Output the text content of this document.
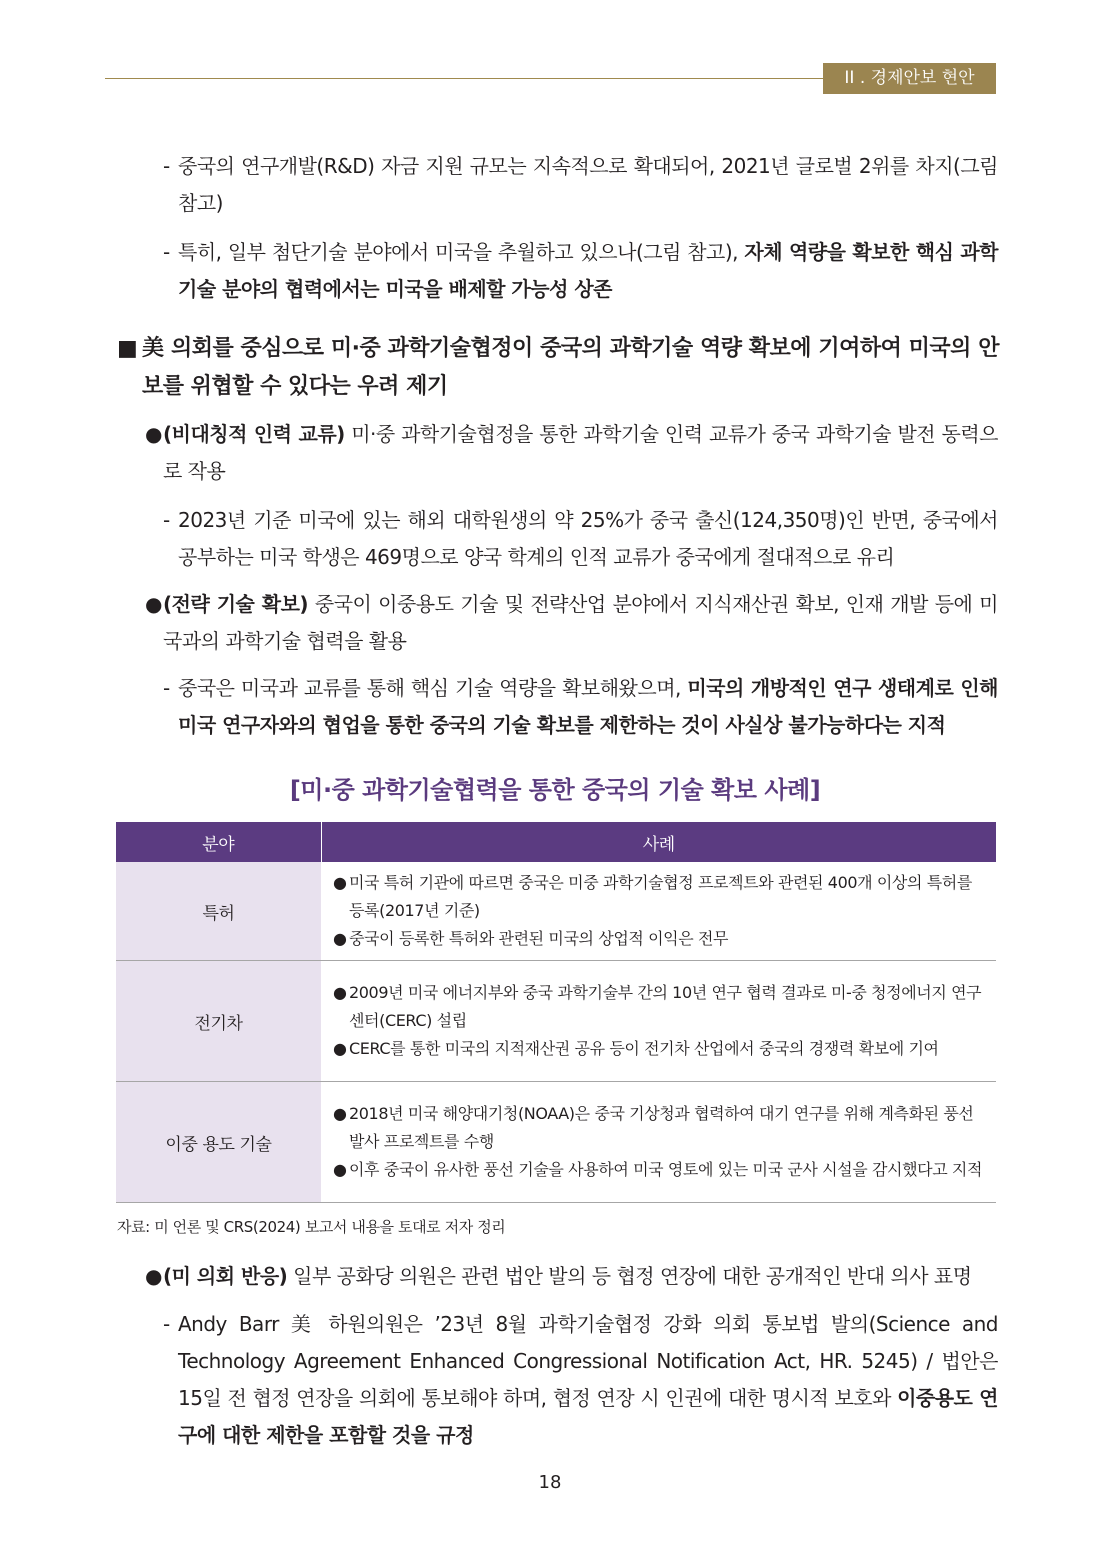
II . 경제안보 현안
- 중국의 연구개발(R&D) 자금 지원 규모는 지속적으로 확대되어, 2021년 글로벌 2위를 차지(그림 참고)
- 특히, 일부 첨단기술 분야에서 미국을 추월하고 있으나(그림 참고), 자체 역량을 확보한 핵심 과학기술 분야의 협력에서는 미국을 배제할 가능성 상존
■ 美 의회를 중심으로 미·중 과학기술협정이 중국의 과학기술 역량 확보에 기여하여 미국의 안보를 위협할 수 있다는 우려 제기
● (비대칭적 인력 교류) 미·중 과학기술협정을 통한 과학기술 인력 교류가 중국 과학기술 발전 동력으로 작용
- 2023년 기준 미국에 있는 해외 대학원생의 약 25%가 중국 출신(124,350명)인 반면, 중국에서 공부하는 미국 학생은 469명으로 양국 학계의 인적 교류가 중국에게 절대적으로 유리
● (전략 기술 확보) 중국이 이중용도 기술 및 전략산업 분야에서 지식재산권 확보, 인재 개발 등에 미국과의 과학기술 협력을 활용
- 중국은 미국과 교류를 통해 핵심 기술 역량을 확보해왔으며, 미국의 개방적인 연구 생태계로 인해 미국 연구자와의 협업을 통한 중국의 기술 확보를 제한하는 것이 사실상 불가능하다는 지적
[미·중 과학기술협력을 통한 중국의 기술 확보 사례]
분야	사례
특허	● 미국 특허 기관에 따르면 중국은 미중 과학기술협정 프로젝트와 관련된 400개 이상의 특허를 등록(2017년 기준)
● 중국이 등록한 특허와 관련된 미국의 상업적 이익은 전무

전기차	● 2009년 미국 에너지부와 중국 과학기술부 간의 10년 연구 협력 결과로 미-중 청정에너지 연구 센터(CERC) 설립
● CERC를 통한 미국의 지적재산권 공유 등이 전기차 산업에서 중국의 경쟁력 확보에 기여

이중 용도 기술	● 2018년 미국 해양대기청(NOAA)은 중국 기상청과 협력하여 대기 연구를 위해 계측화된 풍선 발사 프로젝트를 수행
● 이후 중국이 유사한 풍선 기술을 사용하여 미국 영토에 있는 미국 군사 시설을 감시했다고 지적
자료: 미 언론 및 CRS(2024) 보고서 내용을 토대로 저자 정리
● (미 의회 반응) 일부 공화당 의원은 관련 법안 발의 등 협정 연장에 대한 공개적인 반대 의사 표명
- Andy Barr 美 하원의원은 ’23년 8월 과학기술협정 강화 의회 통보법 발의(Science and Technology Agreement Enhanced Congressional Notification Act, HR. 5245) / 법안은 15일 전 협정 연장을 의회에 통보해야 하며, 협정 연장 시 인권에 대한 명시적 보호와 이중용도 연구에 대한 제한을 포함할 것을 규정
18
